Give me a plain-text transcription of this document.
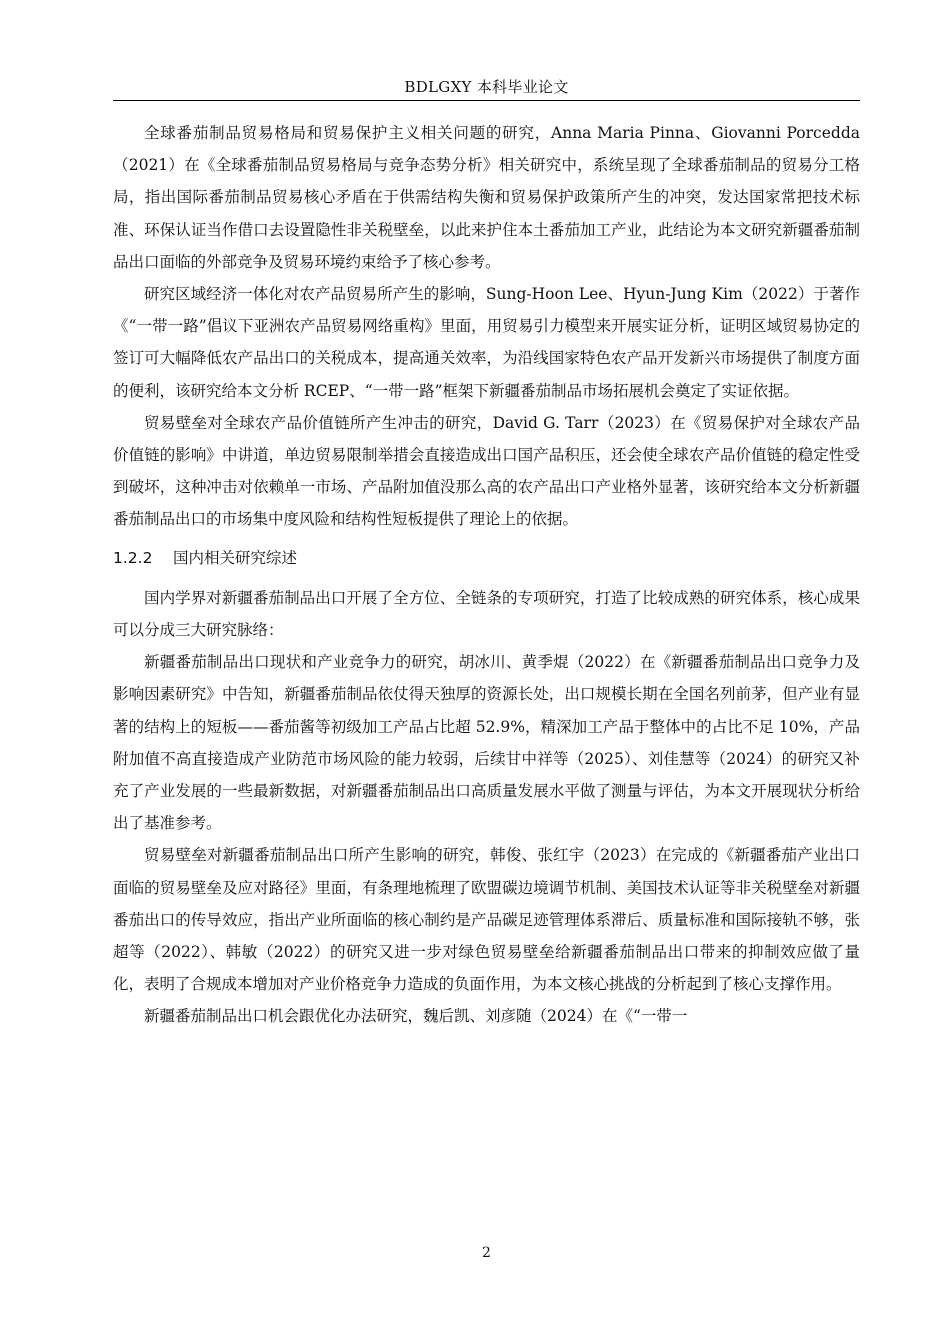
BDLGXY 本科毕业论文

全球番茄制品贸易格局和贸易保护主义相关问题的研究，Anna Maria Pinna、Giovanni Porcedda（2021）在《全球番茄制品贸易格局与竞争态势分析》相关研究中，系统呈现了全球番茄制品的贸易分工格局，指出国际番茄制品贸易核心矛盾在于供需结构失衡和贸易保护政策所产生的冲突，发达国家常把技术标准、环保认证当作借口去设置隐性非关税壁垒，以此来护住本土番茄加工产业，此结论为本文研究新疆番茄制品出口面临的外部竞争及贸易环境约束给予了核心参考。

研究区域经济一体化对农产品贸易所产生的影响，Sung-Hoon Lee、Hyun-Jung Kim（2022）于著作《“一带一路”倡议下亚洲农产品贸易网络重构》里面，用贸易引力模型来开展实证分析，证明区域贸易协定的签订可大幅降低农产品出口的关税成本，提高通关效率，为沿线国家特色农产品开发新兴市场提供了制度方面的便利，该研究给本文分析 RCEP、“一带一路”框架下新疆番茄制品市场拓展机会奠定了实证依据。

贸易壁垒对全球农产品价值链所产生冲击的研究，David G. Tarr（2023）在《贸易保护对全球农产品价值链的影响》中讲道，单边贸易限制举措会直接造成出口国产品积压，还会使全球农产品价值链的稳定性受到破坏，这种冲击对依赖单一市场、产品附加值没那么高的农产品出口产业格外显著，该研究给本文分析新疆番茄制品出口的市场集中度风险和结构性短板提供了理论上的依据。

1.2.2 国内相关研究综述

国内学界对新疆番茄制品出口开展了全方位、全链条的专项研究，打造了比较成熟的研究体系，核心成果可以分成三大研究脉络：

新疆番茄制品出口现状和产业竞争力的研究，胡冰川、黄季焜（2022）在《新疆番茄制品出口竞争力及影响因素研究》中告知，新疆番茄制品依仗得天独厚的资源长处，出口规模长期在全国名列前茅，但产业有显著的结构上的短板——番茄酱等初级加工产品占比超 52.9%，精深加工产品于整体中的占比不足 10%，产品附加值不高直接造成产业防范市场风险的能力较弱，后续甘中祥等（2025）、刘佳慧等（2024）的研究又补充了产业发展的一些最新数据，对新疆番茄制品出口高质量发展水平做了测量与评估，为本文开展现状分析给出了基准参考。

贸易壁垒对新疆番茄制品出口所产生影响的研究，韩俊、张红宇（2023）在完成的《新疆番茄产业出口面临的贸易壁垒及应对路径》里面，有条理地梳理了欧盟碳边境调节机制、美国技术认证等非关税壁垒对新疆番茄出口的传导效应，指出产业所面临的核心制约是产品碳足迹管理体系滞后、质量标准和国际接轨不够，张超等（2022）、韩敏（2022）的研究又进一步对绿色贸易壁垒给新疆番茄制品出口带来的抑制效应做了量化，表明了合规成本增加对产业价格竞争力造成的负面作用，为本文核心挑战的分析起到了核心支撑作用。

新疆番茄制品出口机会跟优化办法研究，魏后凯、刘彦随（2024）在《“一带一

2
